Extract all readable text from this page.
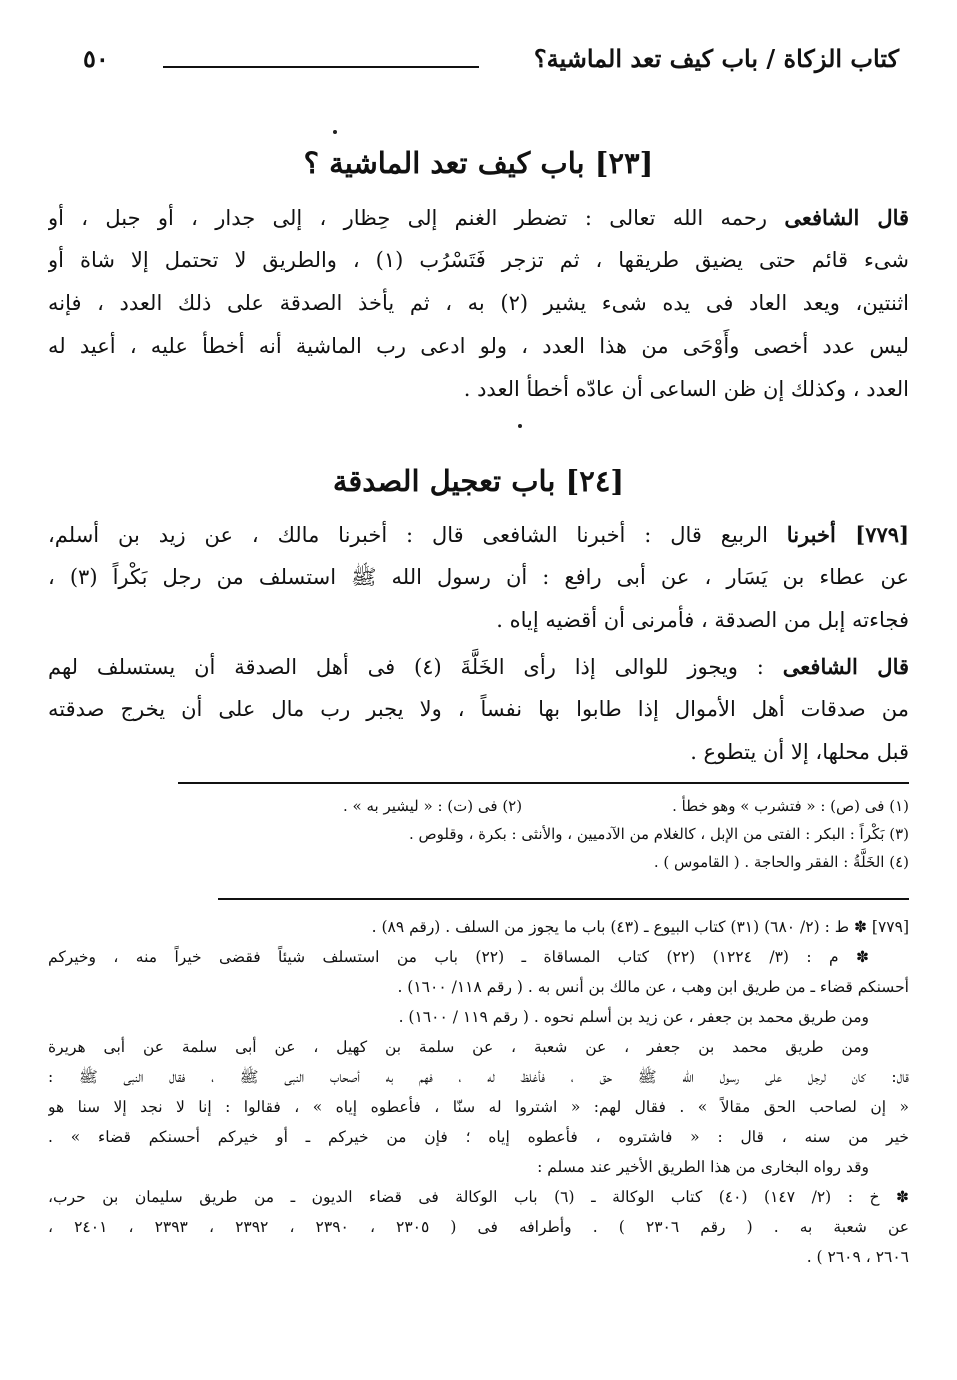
كتاب الزكاة / باب كيف تعد الماشية؟
٥٠
[٢٣] باب كيف تعد الماشية ؟
قال الشافعى رحمه الله تعالى : تضطر الغنم إلى حِظار ، إلى جدار ، أو جبل ، أو
شىء قائم حتى يضيق طريقها ، ثم تزجر فَتَسْرُب (١) ، والطريق لا تحتمل إلا شاة أو
اثنتين، ويعد العاد فى يده شىء يشير (٢) به ، ثم يأخذ الصدقة على ذلك العدد ، فإنه
ليس عدد أخصى وأَوْحَى من هذا العدد ، ولو ادعى رب الماشية أنه أخطأ عليه ، أعيد له
العدد ، وكذلك إن ظن الساعى أن عادّه أخطأ العدد .
[٢٤] باب تعجيل الصدقة
[٧٧٩] أخبرنا الربيع قال : أخبرنا الشافعى قال : أخبرنا مالك ، عن زيد بن أسلم،
عن عطاء بن يَسَار ، عن أبى رافع : أن رسول الله ﷺ استسلف من رجل بَكْراً (٣) ،
فجاءته إبل من الصدقة ، فأمرنى أن أقضيه إياه .
قال الشافعى : ويجوز للوالى إذا رأى الخَلَّةَ (٤) فى أهل الصدقة أن يستسلف لهم
من صدقات أهل الأموال إذا طابوا بها نفساً ، ولا يجبر رب مال على أن يخرج صدقته
قبل محلها، إلا أن يتطوع .
(١) فى (ص) : « فتشرب » وهو خطأ .(٢) فى (ت) : « ليشير به » .
(٣) بَكْراً : البكر : الفتى من الإبل ، كالغلام من الآدميين ، والأنثى : بكرة ، وقلوص .
(٤) الخَلَّةُ : الفقر والحاجة . ( القاموس ) .
[٧٧٩] ✽ ط : (٢/ ٦٨٠) (٣١) كتاب البيوع ـ (٤٣) باب ما يجوز من السلف . (رقم ٨٩) .
✽ م : (٣/ ١٢٢٤) (٢٢) كتاب المساقاة ـ (٢٢) باب من استسلف شيئاً فقضى خيراً منه ، وخيركم
أحسنكم قضاء ـ من طريق ابن وهب ، عن مالك بن أنس به . ( رقم ١١٨/ ١٦٠٠) .
ومن طريق محمد بن جعفر ، عن زيد بن أسلم نحوه . ( رقم ١١٩ / ١٦٠٠) .
ومن طريق محمد بن جعفر ، عن شعبة ، عن سلمة بن كهيل ، عن أبى سلمة عن أبى هريرة
قال: كان لرجل على رسول الله ﷺ حق ، فأغلظ له ، فهم به أصحاب النبى ﷺ ، فقال النبى ﷺ :
« إن لصاحب الحق مقالاً » . فقال لهم: « اشتروا له سنّا ، فأعطوه إياه » ، فقالوا : إنا لا نجد إلا سنا هو
خير من سنه ، قال : « فاشتروه ، فأعطوه إياه ؛ فإن من خيركم ـ أو خيركم أحسنكم قضاء » .
وقد رواه البخارى من هذا الطريق الأخير عند مسلم :
✽ خ : (٢/ ١٤٧) (٤٠) كتاب الوكالة ـ (٦) باب الوكالة فى قضاء الديون ـ من طريق سليمان بن حرب،
عن شعبة به . ( رقم ٢٣٠٦ ) . وأطرافه فى ( ٢٣٠٥ ، ٢٣٩٠ ، ٢٣٩٢ ، ٢٣٩٣ ، ٢٤٠١ ،
٢٦٠٦ ، ٢٦٠٩ ) .
